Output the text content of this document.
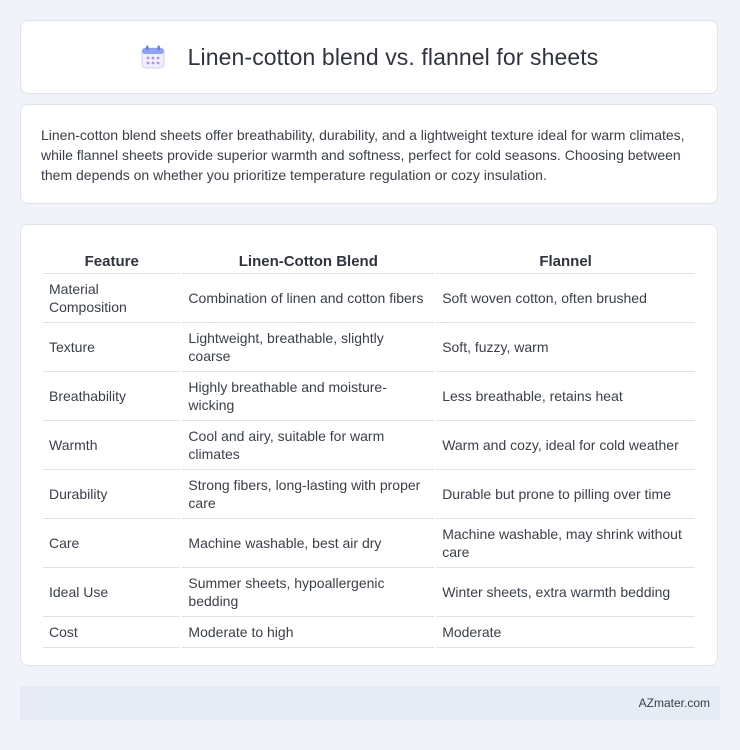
Linen-cotton blend vs. flannel for sheets

Linen-cotton blend sheets offer breathability, durability, and a lightweight texture ideal for warm climates, while flannel sheets provide superior warmth and softness, perfect for cold seasons. Choosing between them depends on whether you prioritize temperature regulation or cozy insulation.

Feature	Linen-Cotton Blend	Flannel
Material Composition	Combination of linen and cotton fibers	Soft woven cotton, often brushed
Texture	Lightweight, breathable, slightly coarse	Soft, fuzzy, warm
Breathability	Highly breathable and moisture-wicking	Less breathable, retains heat
Warmth	Cool and airy, suitable for warm climates	Warm and cozy, ideal for cold weather
Durability	Strong fibers, long-lasting with proper care	Durable but prone to pilling over time
Care	Machine washable, best air dry	Machine washable, may shrink without care
Ideal Use	Summer sheets, hypoallergenic bedding	Winter sheets, extra warmth bedding
Cost	Moderate to high	Moderate
AZmater.com
